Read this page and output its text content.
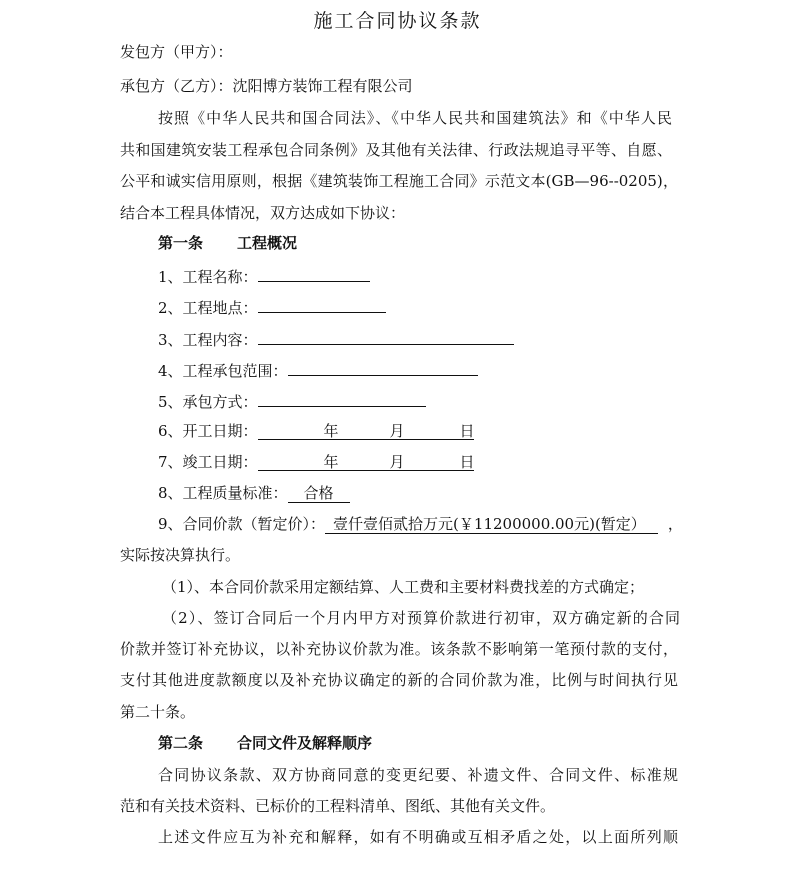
施工合同协议条款
发包方（甲方）：
承包方（乙方）：沈阳博方装饰工程有限公司
按照《中华人民共和国合同法》、《中华人民共和国建筑法》和《中华人民
共和国建筑安装工程承包合同条例》及其他有关法律、行政法规追寻平等、自愿、
公平和诚实信用原则，根据《建筑装饰工程施工合同》示范文本(GB—96--0205)，
结合本工程具体情况，双方达成如下协议：
第一条 工程概况
1、工程名称：
2、工程地点：
3、工程内容：
4、工程承包范围：
5、承包方式：
6、开工日期：	年	月	日
7、竣工日期：	年	月	日
8、工程质量标准： 合格
9、合同价款（暂定价）： 壹仟壹佰贰拾万元(￥11200000.00元)(暂定） ，
实际按决算执行。
（1）、本合同价款采用定额结算、人工费和主要材料费找差的方式确定；
（2）、签订合同后一个月内甲方对预算价款进行初审，双方确定新的合同
价款并签订补充协议，以补充协议价款为准。该条款不影响第一笔预付款的支付，
支付其他进度款额度以及补充协议确定的新的合同价款为准，比例与时间执行见
第二十条。
第二条 合同文件及解释顺序
合同协议条款、双方协商同意的变更纪要、补遗文件、合同文件、标准规
范和有关技术资料、已标价的工程料清单、图纸、其他有关文件。
上述文件应互为补充和解释，如有不明确或互相矛盾之处，以上面所列顺
